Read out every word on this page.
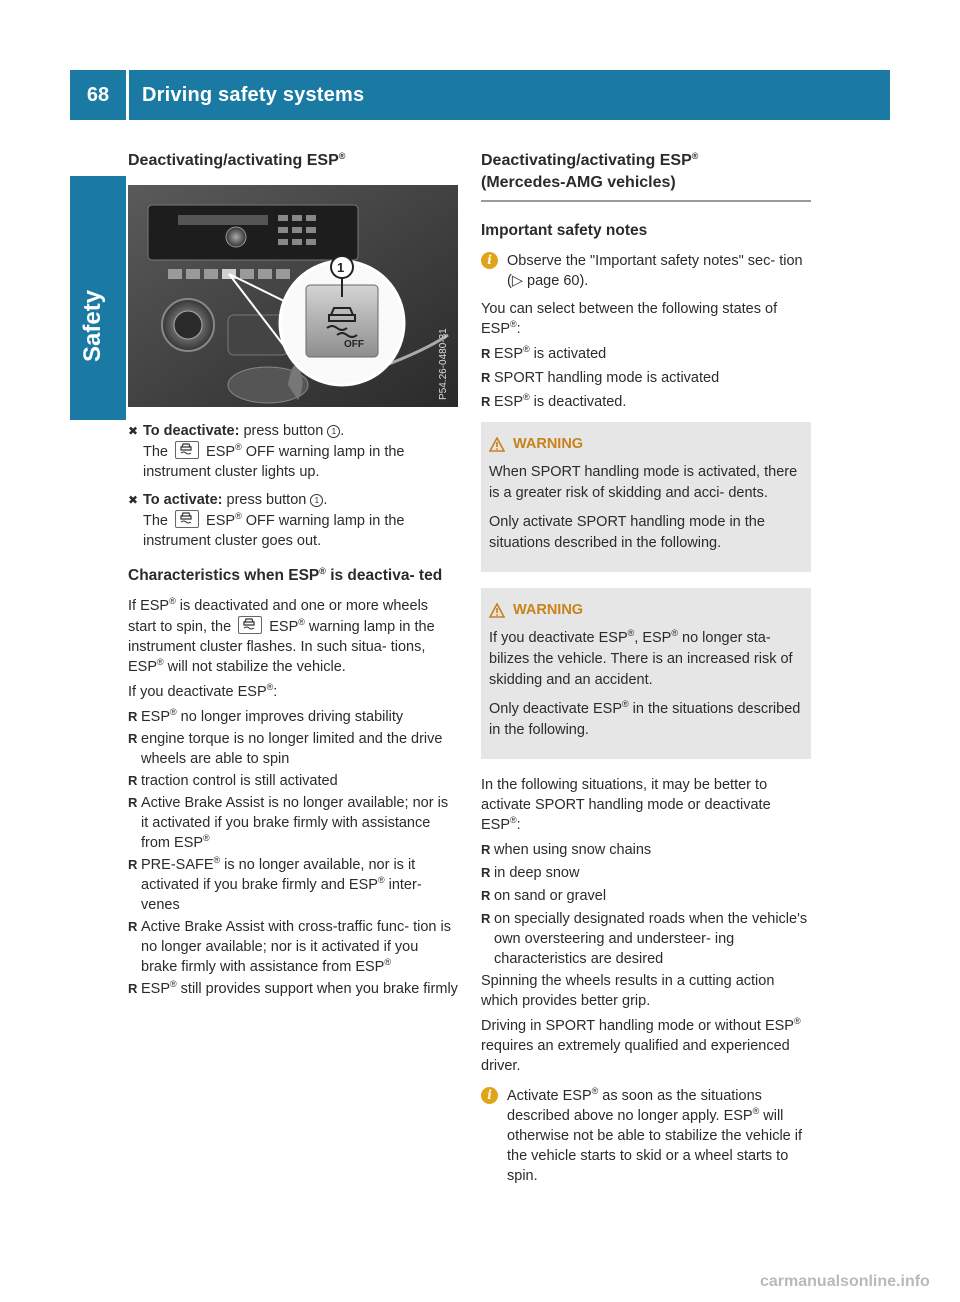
68	Driving safety systems
Safety
Deactivating/activating ESP®
P54.26-0480-31
1
OFF
✖ To deactivate: press button 1 .
The
ESP® OFF warning lamp in the instrument cluster lights up.
✖ To activate: press button 1 .
The
ESP® OFF warning lamp in the instrument cluster goes out.
Characteristics when ESP® is deactiva- ted

If ESP® is deactivated and one or more wheels start to spin, the
ESP® warning lamp in the instrument cluster flashes. In such situa- tions, ESP® will not stabilize the vehicle.

If you deactivate ESP®:

R ESP® no longer improves driving stability
R engine torque is no longer limited and the drive wheels are able to spin
R traction control is still activated
R Active Brake Assist is no longer available; nor is it activated if you brake firmly with assistance from ESP®
R PRE-SAFE® is no longer available, nor is it activated if you brake firmly and ESP® inter- venes
R Active Brake Assist with cross-traffic func- tion is no longer available; nor is it activated if you brake firmly with assistance from ESP®
R ESP® still provides support when you brake firmly
Deactivating/activating ESP®
(Mercedes-AMG vehicles)
Important safety notes
i	Observe the "Important safety notes" sec- tion (▷ page 60).

You can select between the following states of ESP®:

R ESP® is activated
R SPORT handling mode is activated
R ESP® is deactivated.
WARNING

When SPORT handling mode is activated, there is a greater risk of skidding and acci- dents.

Only activate SPORT handling mode in the situations described in the following.

WARNING

If you deactivate ESP®, ESP® no longer sta- bilizes the vehicle. There is an increased risk of skidding and an accident.

Only deactivate ESP® in the situations described in the following.

In the following situations, it may be better to activate SPORT handling mode or deactivate ESP®:

R when using snow chains
R in deep snow
R on sand or gravel
R on specially designated roads when the vehicle's own oversteering and understeer- ing characteristics are desired

Spinning the wheels results in a cutting action which provides better grip.

Driving in SPORT handling mode or without ESP® requires an extremely qualified and experienced driver.

i	Activate ESP® as soon as the situations described above no longer apply. ESP® will otherwise not be able to stabilize the vehicle if the vehicle starts to skid or a wheel starts to spin.
carmanualsonline.info
